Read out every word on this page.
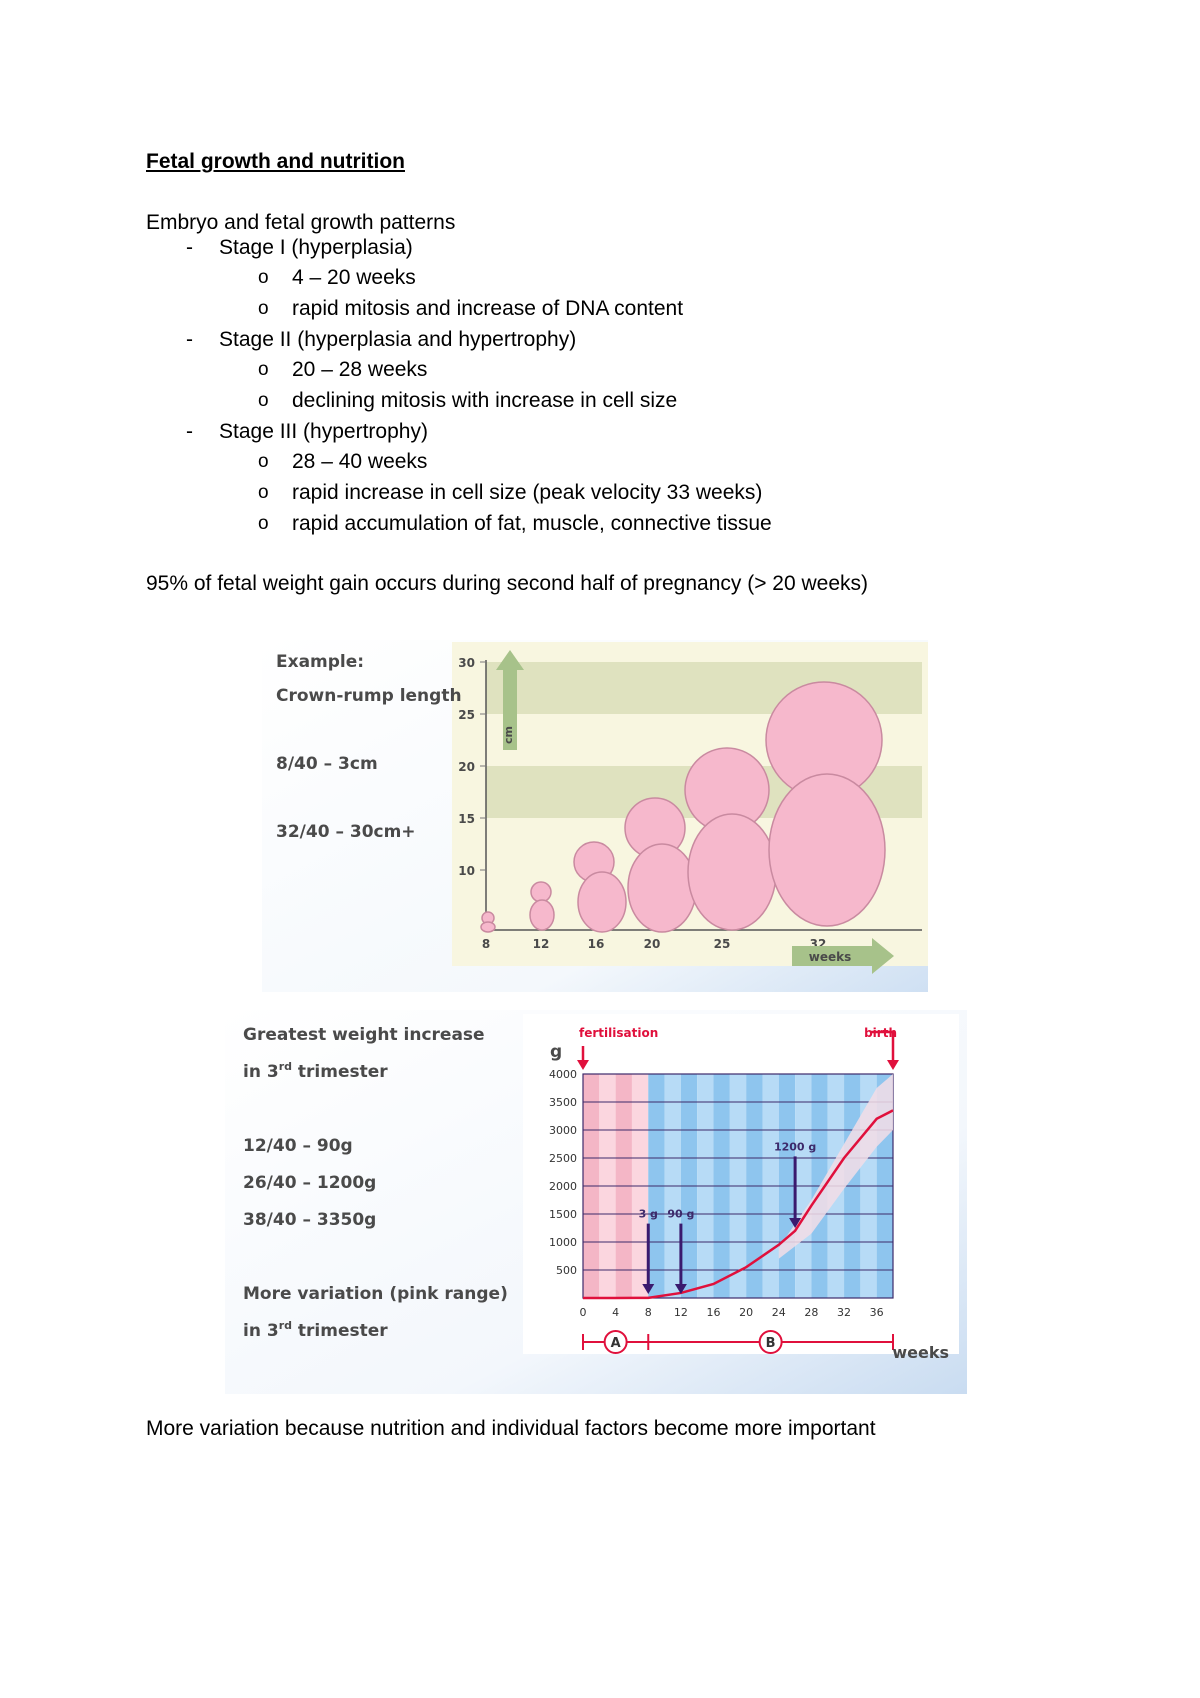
Fetal growth and nutrition
Embryo and fetal growth patterns
- Stage I (hyperplasia)
o 4 – 20 weeks
o rapid mitosis and increase of DNA content
- Stage II (hyperplasia and hypertrophy)
o 20 – 28 weeks
o declining mitosis with increase in cell size
- Stage III (hypertrophy)
o 28 – 40 weeks
o rapid increase in cell size (peak velocity 33 weeks)
o rapid accumulation of fat, muscle, connective tissue
95% of fetal weight gain occurs during second half of pregnancy (> 20 weeks)
30
25
20
15
10
8	12	16	20	25	32
cm
weeks
Example:
Crown-rump length
8/40 – 3cm
32/40 – 30cm+
Greatest weight increase
in 3rd trimester
12/40 – 90g
26/40 – 1200g
38/40 – 3350g
More variation (pink range)
in 3rd trimester
4000
3500
3000
2500
2000
1500
1000
500
0 4 8 12 16 20 24 28 32 36
3 g 90 g
1200 g
A	B
fertilisation	birth
g
weeks
More variation because nutrition and individual factors become more important
